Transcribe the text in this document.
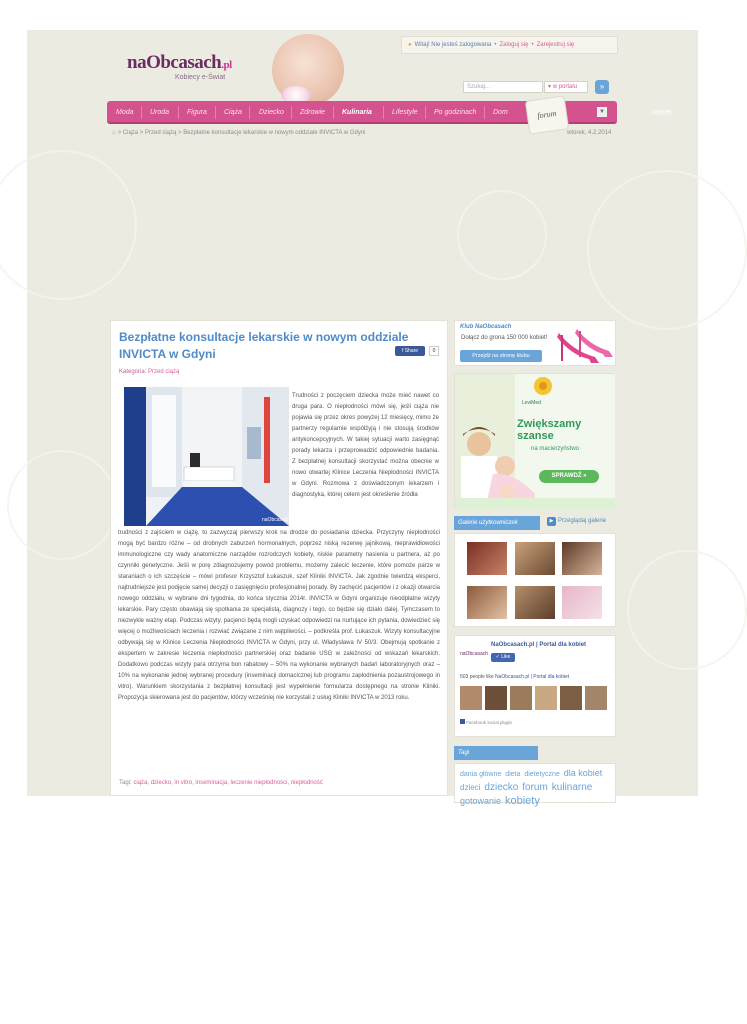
naObcasach.pl
Kobiecy e-Świat
● Witaj! Nie jesteś zalogowana • Zaloguj się • Zarejestruj się
Szukaj...	▾ w portalu	»
Moda Uroda	Figura Ciąża Dziecko Zdrowie Kulinaria	Lifestyle Po godzinach Dom	więcej
forum	▼
⌂ > Ciąża > Przed ciążą > Bezpłatne konsultacje lekarskie w nowym oddziale INVICTA w Gdyni	wtorek, 4.2.2014
Bezpłatne konsultacje lekarskie w nowym oddziale INVICTA w Gdyni	f Share	0
Kategoria: Przed ciążą
naObcasach.pl
Trudności z poczęciem dziecka może mieć nawet co druga para. O niepłodności mówi się, jeśli ciąża nie pojawia się przez okres powyżej 12 miesięcy, mimo że partnerzy regularnie współżyją i nie stosują środków antykoncepcyjnych. W takiej sytuacji warto zasięgnąć porady lekarza i przeprowadzić odpowiednie badania. Z bezpłatnej konsultacji skorzystać można obecnie w nowo otwartej Klinice Leczenia Niepłodności INVICTA w Gdyni. Rozmowa z doświadczonym lekarzem i diagnostyka, której celem jest określenie źródła
trudności z zajściem w ciążę, to zazwyczaj pierwszy krok na drodze do posiadania dziecka. Przyczyny niepłodności mogą być bardzo różne – od drobnych zaburzeń hormonalnych, poprzez niską rezerwę jajnikową, nieprawidłowości immunologiczne czy wady anatomiczne narządów rozrodczych kobiety, niskie parametry nasienia u partnera, aż po czynniki genetyczne. Jeśli w porę zdiagnozujemy powód problemu, możemy zalecić leczenie, które pomoże parze w staraniach o ich szczęście – mówi profesor Krzysztof Łukaszuk, szef Kliniki INVICTA. Jak zgodnie twierdzą eksperci, najtrudniejsze jest podjęcie samej decyzji o zasięgnięciu profesjonalnej porady. By zachęcić pacjentów i z okazji otwarcia nowego oddziału, w wybrane dni tygodnia, do końca stycznia 2014r. INVICTA w Gdyni organizuje nieodpłatne wizyty lekarskie. Pary często obawiają się spotkania ze specjalistą, diagnozy i tego, co będzie się działo dalej. Tymczasem to niezwykle ważny etap. Podczas wizyty, pacjenci będą mogli uzyskać odpowiedzi na nurtujące ich pytania, dowiedzieć się więcej o możliwościach leczenia i rozwiać związane z nim wątpliwości. – podkreśla prof. Łukaszuk. Wizyty konsultacyjne odbywają się w Klinice Leczenia Niepłodności INVICTA w Gdyni, przy ul. Władysława IV 50/3. Obejmują spotkanie z ekspertem w zakresie leczenia niepłodności partnerskiej oraz badanie USG w zależności od wskazań lekarskich. Dodatkowo podczas wizyty para otrzyma bon rabatowy – 50% na wykonanie wybranych badań laboratoryjnych oraz – 10% na wykonanie jednej wybranej procedury (inseminacji domacicznej lub programu zapłodnienia pozaustrojowego in vitro). Warunkiem skorzystania z bezpłatnej konsultacji jest wypełnienie formularza dostępnego na stronie Kliniki. Propozycja skierowana jest do pacjentów, którzy wcześniej nie korzystali z usług Kliniki INVICTA w 2013 roku.
Tagi: ciąża, dziecko, in vitro, inseminacja, leczenie niepłodności, niepłodność
Klub NaObcasach
Dołącz do grona 150 000 kobiet!
Przejdź na stronę klubu
LeviMed
Zwiększamy szanse
na macierzyństwo
SPRAWDŹ »
Galerie użytkowniczek	▶ Przeglądaj galerie
naObcasach
NaObcasach.pl | Portal dla kobiet
✓ Like
503 people like NaObcasach.pl | Portal dla kobiet
Facebook social plugin
Tagi
dania główne dieta dietetyczne dla kobiet dzieci dziecko forum kulinarne gotowanie kobiety
